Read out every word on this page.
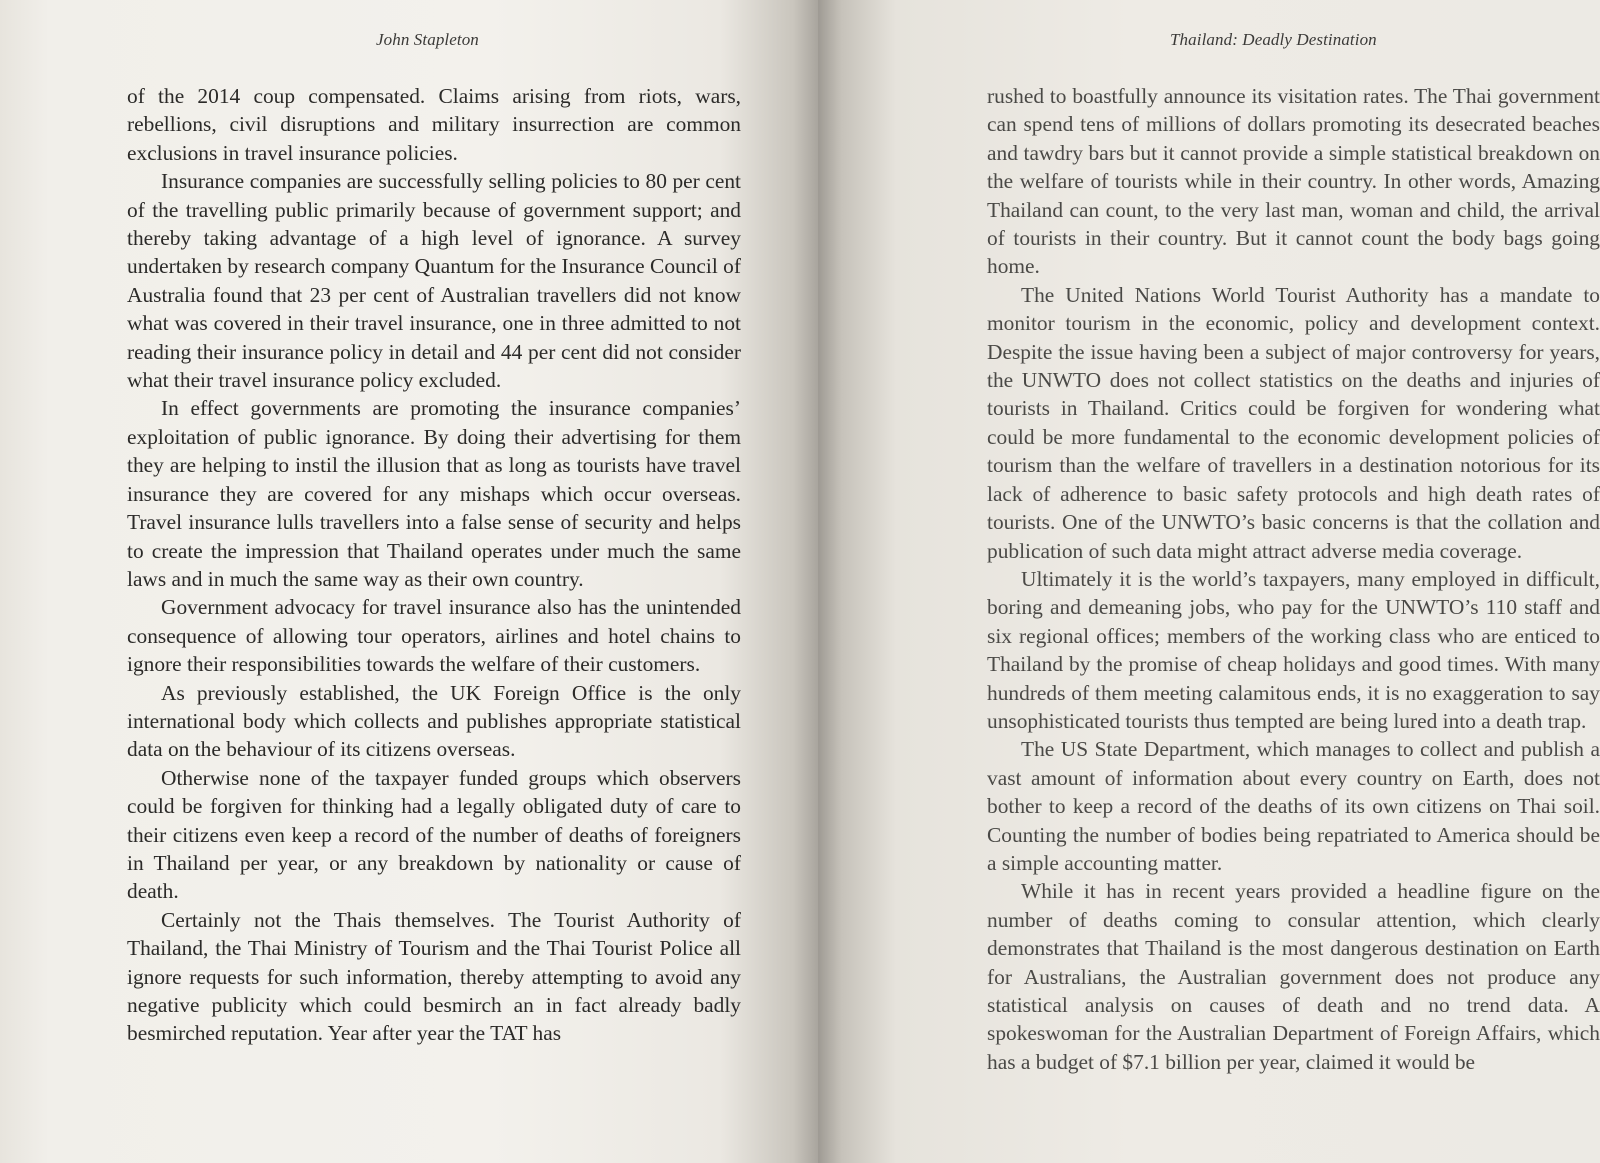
John Stapleton

of the 2014 coup compensated. Claims arising from riots, wars, rebellions, civil disruptions and military insurrection are common exclusions in travel insurance policies.

Insurance companies are successfully selling policies to 80 per cent of the travelling public primarily because of government support; and thereby taking advantage of a high level of ignorance. A survey undertaken by research company Quantum for the Insurance Council of Australia found that 23 per cent of Australian travellers did not know what was covered in their travel insurance, one in three admitted to not reading their insurance policy in detail and 44 per cent did not consider what their travel insurance policy excluded.

In effect governments are promoting the insurance companies’ exploitation of public ignorance. By doing their advertising for them they are helping to instil the illusion that as long as tourists have travel insurance they are covered for any mishaps which occur overseas. Travel insurance lulls travellers into a false sense of security and helps to create the impression that Thailand operates under much the same laws and in much the same way as their own country.

Government advocacy for travel insurance also has the unintended consequence of allowing tour operators, airlines and hotel chains to ignore their responsibilities towards the welfare of their customers.

As previously established, the UK Foreign Office is the only international body which collects and publishes appropriate statistical data on the behaviour of its citizens overseas.

Otherwise none of the taxpayer funded groups which observers could be forgiven for thinking had a legally obligated duty of care to their citizens even keep a record of the number of deaths of foreigners in Thailand per year, or any breakdown by nationality or cause of death.

Certainly not the Thais themselves. The Tourist Authority of Thailand, the Thai Ministry of Tourism and the Thai Tourist Police all ignore requests for such information, thereby attempting to avoid any negative publicity which could besmirch an in fact already badly besmirched reputation. Year after year the TAT has

Thailand: Deadly Destination

rushed to boastfully announce its visitation rates. The Thai government can spend tens of millions of dollars promoting its desecrated beaches and tawdry bars but it cannot provide a simple statistical breakdown on the welfare of tourists while in their country. In other words, Amazing Thailand can count, to the very last man, woman and child, the arrival of tourists in their country. But it cannot count the body bags going home.

The United Nations World Tourist Authority has a mandate to monitor tourism in the economic, policy and development context. Despite the issue having been a subject of major controversy for years, the UNWTO does not collect statistics on the deaths and injuries of tourists in Thailand. Critics could be forgiven for wondering what could be more fundamental to the economic development policies of tourism than the welfare of travellers in a destination notorious for its lack of adherence to basic safety protocols and high death rates of tourists. One of the UNWTO’s basic concerns is that the collation and publication of such data might attract adverse media coverage.

Ultimately it is the world’s taxpayers, many employed in difficult, boring and demeaning jobs, who pay for the UNWTO’s 110 staff and six regional offices; members of the working class who are enticed to Thailand by the promise of cheap holidays and good times. With many hundreds of them meeting calamitous ends, it is no exaggeration to say unsophisticated tourists thus tempted are being lured into a death trap.

The US State Department, which manages to collect and publish a vast amount of information about every country on Earth, does not bother to keep a record of the deaths of its own citizens on Thai soil. Counting the number of bodies being repatriated to America should be a simple accounting matter.

While it has in recent years provided a headline figure on the number of deaths coming to consular attention, which clearly demonstrates that Thailand is the most dangerous destination on Earth for Australians, the Australian government does not produce any statistical analysis on causes of death and no trend data. A spokeswoman for the Australian Department of Foreign Affairs, which has a budget of $7.1 billion per year, claimed it would be
